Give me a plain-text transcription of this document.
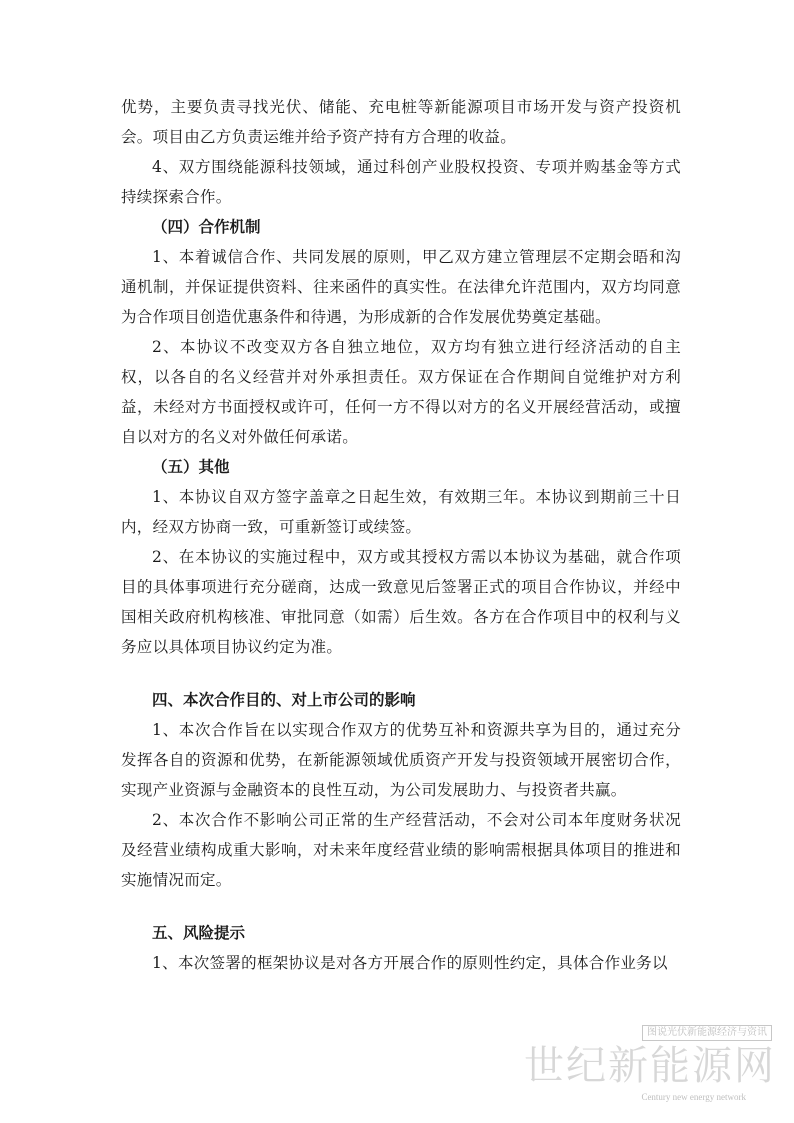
优势，主要负责寻找光伏、储能、充电桩等新能源项目市场开发与资产投资机会。项目由乙方负责运维并给予资产持有方合理的收益。

4、双方围绕能源科技领域，通过科创产业股权投资、专项并购基金等方式持续探索合作。

（四）合作机制

1、本着诚信合作、共同发展的原则，甲乙双方建立管理层不定期会晤和沟通机制，并保证提供资料、往来函件的真实性。在法律允许范围内，双方均同意为合作项目创造优惠条件和待遇，为形成新的合作发展优势奠定基础。

2、本协议不改变双方各自独立地位，双方均有独立进行经济活动的自主权，以各自的名义经营并对外承担责任。双方保证在合作期间自觉维护对方利益，未经对方书面授权或许可，任何一方不得以对方的名义开展经营活动，或擅自以对方的名义对外做任何承诺。

（五）其他

1、本协议自双方签字盖章之日起生效，有效期三年。本协议到期前三十日内，经双方协商一致，可重新签订或续签。

2、在本协议的实施过程中，双方或其授权方需以本协议为基础，就合作项目的具体事项进行充分磋商，达成一致意见后签署正式的项目合作协议，并经中国相关政府机构核准、审批同意（如需）后生效。各方在合作项目中的权利与义务应以具体项目协议约定为准。

四、本次合作目的、对上市公司的影响

1、本次合作旨在以实现合作双方的优势互补和资源共享为目的，通过充分发挥各自的资源和优势，在新能源领域优质资产开发与投资领域开展密切合作，实现产业资源与金融资本的良性互动，为公司发展助力、与投资者共赢。

2、本次合作不影响公司正常的生产经营活动，不会对公司本年度财务状况及经营业绩构成重大影响，对未来年度经营业绩的影响需根据具体项目的推进和实施情况而定。

五、风险提示

1、本次签署的框架协议是对各方开展合作的原则性约定，具体合作业务以

图说光伏新能源经济与资讯
世纪新能源网
Century new energy network
